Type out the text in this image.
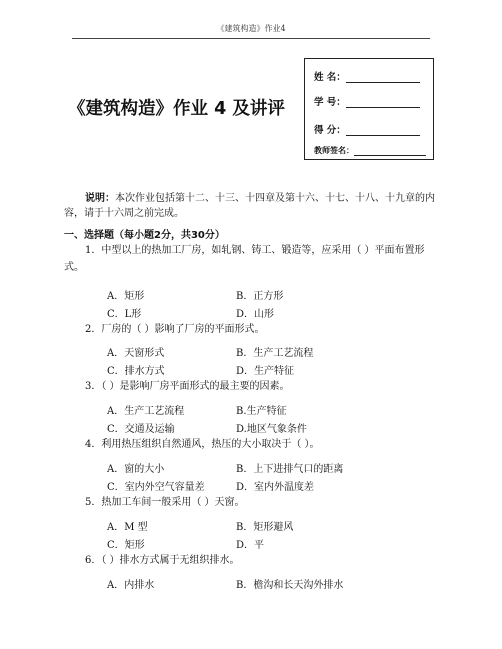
《建筑构造》作业4
《建筑构造》作业 4 及讲评
姓 名：
学 号：
得 分：
教师签名：
说明：本次作业包括第十二、十三、十四章及第十六、十七、十八、十九章的内容，请于十六周之前完成。
一、选择题（每小题2分，共30分）
1．中型以上的热加工厂房，如轧钢、铸工、锻造等，应采用（ ）平面布置形式。
A．矩形	B．正方形
C．L形	D．山形
2．厂房的（ ）影响了厂房的平面形式。
A．天窗形式	B．生产工艺流程
C．排水方式	D．生产特征
3．（ ）是影响厂房平面形式的最主要的因素。
A．生产工艺流程	B.生产特征
C．交通及运输	D.地区气象条件
4．利用热压组织自然通风，热压的大小取决于（ ）。
A．窗的大小	B．上下进排气口的距离
C．室内外空气容量差	D．室内外温度差
5．热加工车间一般采用（ ）天窗。
A．M 型	B．矩形避风
C．矩形	D．平
6．（ ）排水方式属于无组织排水。
A．内排水	B．檐沟和长天沟外排水
